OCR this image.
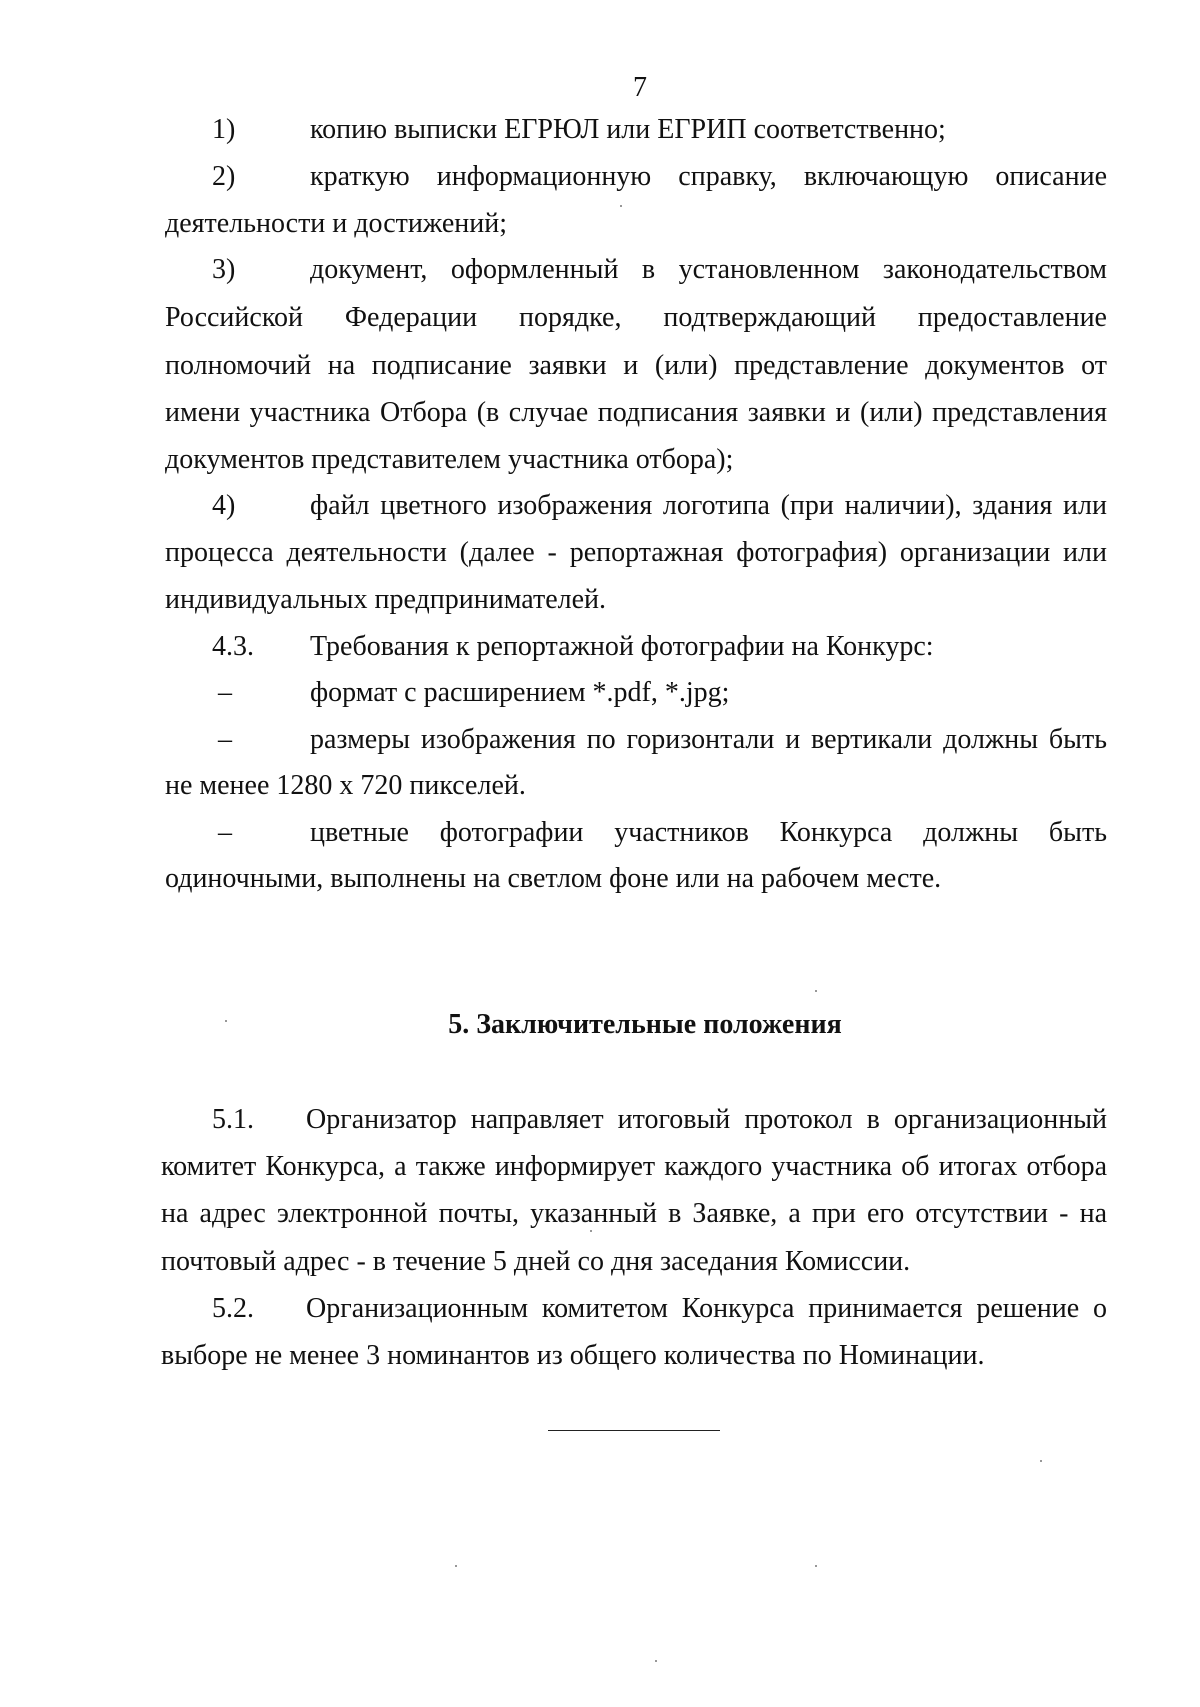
7
1)	копию выписки ЕГРЮЛ или ЕГРИП соответственно;
2)	краткую информационную справку, включающую описание
деятельности и достижений;
3)	документ, оформленный в установленном законодательством
Российской Федерации порядке, подтверждающий предоставление
полномочий на подписание заявки и (или) представление документов от
имени участника Отбора (в случае подписания заявки и (или) представления
документов представителем участника отбора);
4)	файл цветного изображения логотипа (при наличии), здания или
процесса деятельности (далее - репортажная фотография) организации или
индивидуальных предпринимателей.
4.3. Требования к репортажной фотографии на Конкурс:
–	формат с расширением *.pdf, *.jpg;
–	размеры изображения по горизонтали и вертикали должны быть
не менее 1280 х 720 пикселей.
–	цветные фотографии участников Конкурса должны быть
одиночными, выполнены на светлом фоне или на рабочем месте.
5. Заключительные положения
5.1. Организатор направляет итоговый протокол в организационный
комитет Конкурса, а также информирует каждого участника об итогах отбора
на адрес электронной почты, указанный в Заявке, а при его отсутствии - на
почтовый адрес - в течение 5 дней со дня заседания Комиссии.
5.2. Организационным комитетом Конкурса принимается решение о
выборе не менее 3 номинантов из общего количества по Номинации.
